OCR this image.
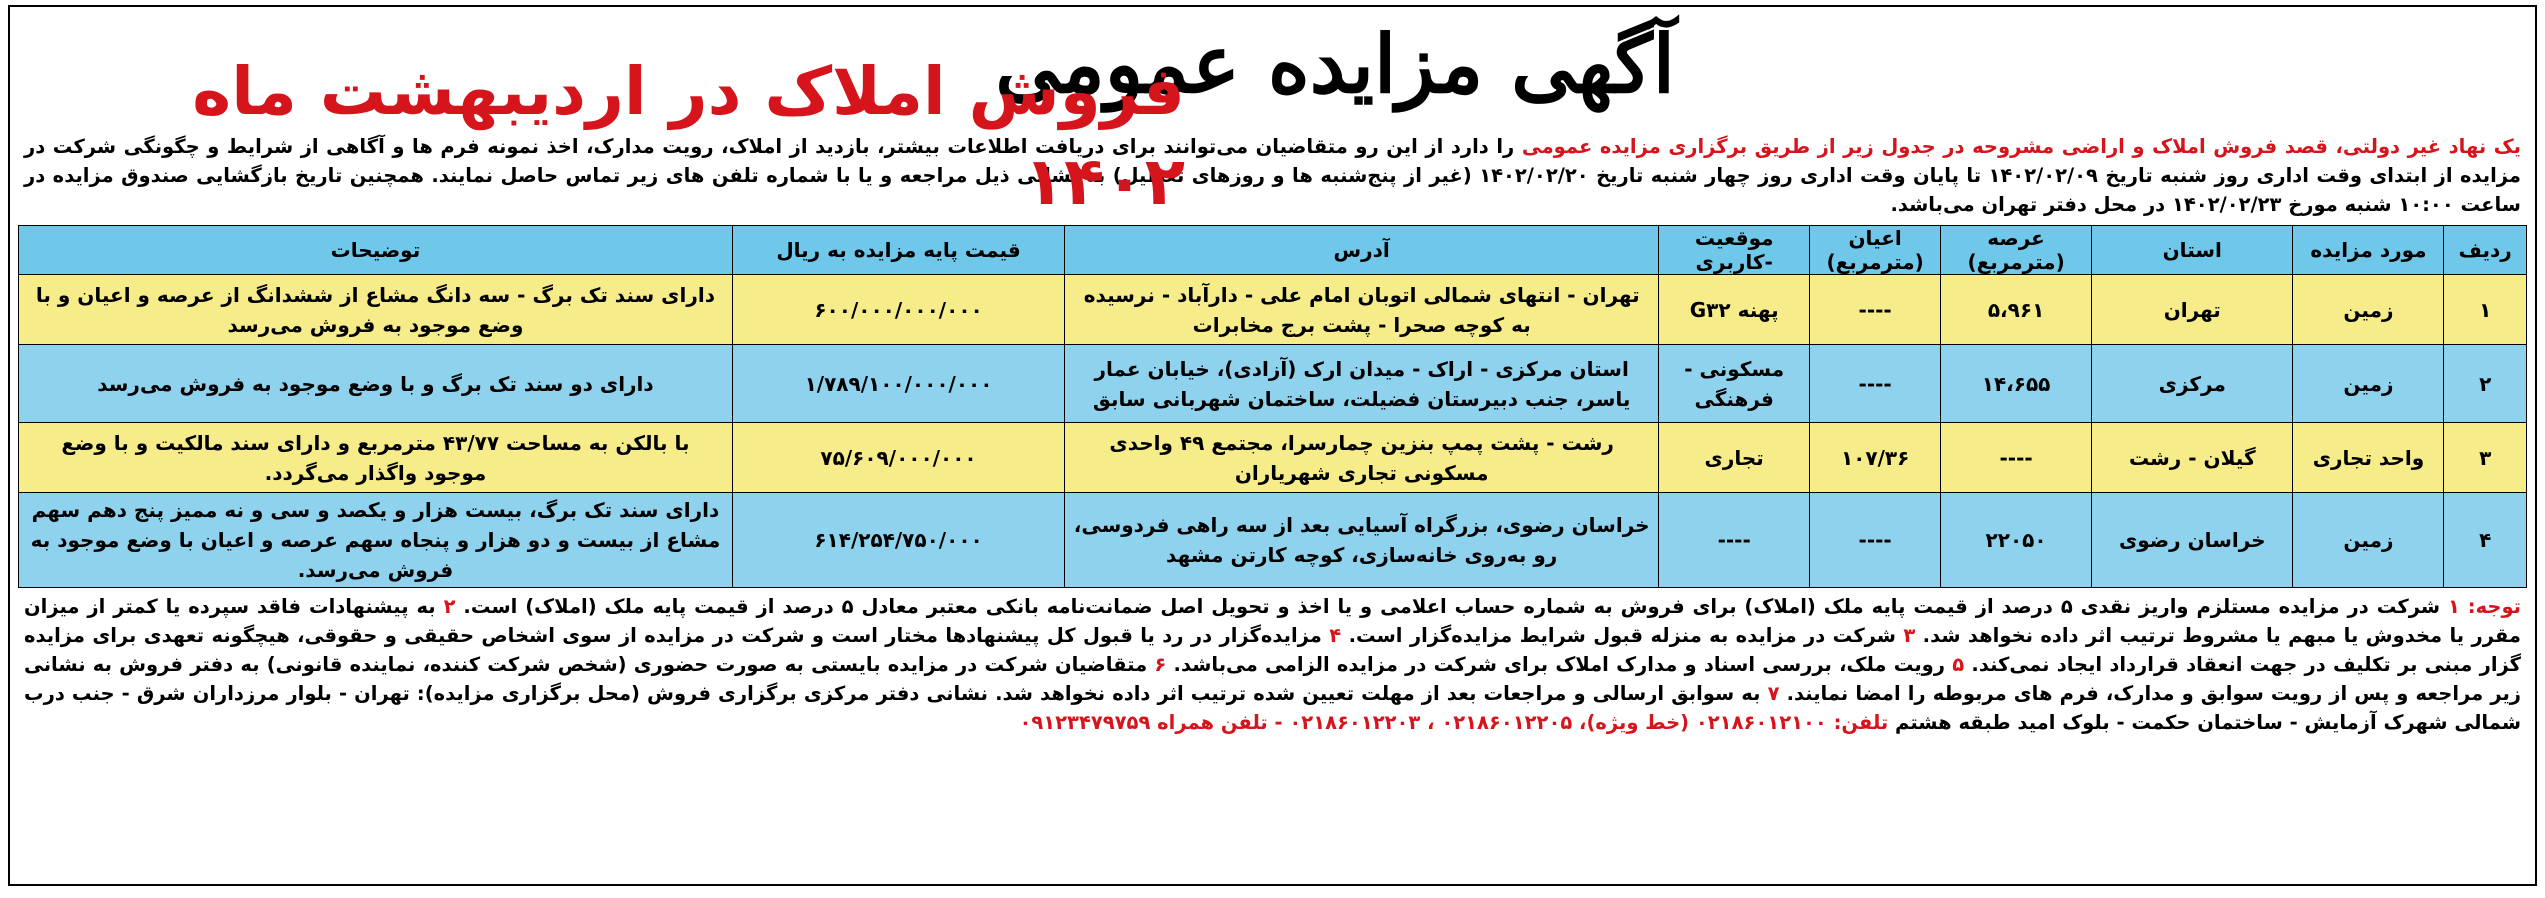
آگهی مزایده عمومی
فروش املاک در اردیبهشت ماه ۱۴۰۲	یک نهاد غیر دولتی، قصد فروش املاک و اراضی مشروحه در جدول زیر از طریق برگزاری مزایده عمومی را دارد از این رو متقاضیان می‌توانند برای دریافت اطلاعات بیشتر، بازدید از املاک، رویت مدارک، اخذ نمونه فرم ها و آگاهی از شرایط و چگونگی شرکت در مزایده از ابتدای وقت اداری روز شنبه تاریخ ۱۴۰۲/۰۲/۰۹ تا پایان وقت اداری روز چهار شنبه تاریخ ۱۴۰۲/۰۲/۲۰ (غیر از پنج‌شنبه ها و روزهای تعطیل) به نشانی ذیل مراجعه و یا با شماره تلفن های زیر تماس حاصل نمایند. همچنین تاریخ بازگشایی صندوق مزایده در ساعت ۱۰:۰۰ شنبه مورخ ۱۴۰۲/۰۲/۲۳ در محل دفتر تهران می‌باشد.
ردیف	مورد مزایده	استان	عرصه (مترمربع)	اعیان (مترمربع)	موقعیت -کاربری	آدرس	قیمت پایه مزایده به ریال	توضیحات
۱	زمین	تهران	۵،۹۶۱	----	پهنه G۳۲	تهران - انتهای شمالی اتوبان امام علی - دارآباد - نرسیده به کوچه صحرا - پشت برج مخابرات	۶۰۰/۰۰۰/۰۰۰/۰۰۰	دارای سند تک برگ - سه دانگ مشاع از ششدانگ از عرصه و اعیان و با وضع موجود به فروش می‌رسد
۲	زمین	مرکزی	۱۴،۶۵۵	----	مسکونی - فرهنگی	استان مرکزی - اراک - میدان ارک (آزادی)، خیابان عمار یاسر، جنب دبیرستان فضیلت، ساختمان شهربانی سابق	۱/۷۸۹/۱۰۰/۰۰۰/۰۰۰	دارای دو سند تک برگ و با وضع موجود به فروش می‌رسد
۳	واحد تجاری	گیلان - رشت	----	۱۰۷/۳۶	تجاری	رشت - پشت پمپ بنزین چمارسرا، مجتمع ۴۹ واحدی مسکونی تجاری شهریاران	۷۵/۶۰۹/۰۰۰/۰۰۰	با بالکن به مساحت ۴۳/۷۷ مترمربع و دارای سند مالکیت و با وضع موجود واگذار می‌گردد.
۴	زمین	خراسان رضوی	۲۲۰۵۰	----	----	خراسان رضوی، بزرگراه آسیایی بعد از سه راهی فردوسی، رو به‌روی خانه‌سازی، کوچه کارتن مشهد	۶۱۴/۲۵۴/۷۵۰/۰۰۰	دارای سند تک برگ، بیست هزار و یکصد و سی و نه ممیز پنج دهم سهم مشاع از بیست و دو هزار و پنجاه سهم عرصه و اعیان با وضع موجود به فروش می‌رسد.
توجه: ۱ شرکت در مزایده مستلزم واریز نقدی ۵ درصد از قیمت پایه ملک (املاک) برای فروش به شماره حساب اعلامی و یا اخذ و تحویل اصل ضمانت‌نامه بانکی معتبر معادل ۵ درصد از قیمت پایه ملک (املاک) است. ۲ به پیشنهادات فاقد سپرده یا کمتر از میزان مقرر یا مخدوش یا مبهم یا مشروط ترتیب اثر داده نخواهد شد. ۳ شرکت در مزایده به منزله قبول شرایط مزایده‌گزار است. ۴ مزایده‌گزار در رد یا قبول کل پیشنهادها مختار است و شرکت در مزایده از سوی اشخاص حقیقی و حقوقی، هیچگونه تعهدی برای مزایده گزار مبنی بر تکلیف در جهت انعقاد قرارداد ایجاد نمی‌کند. ۵ رویت ملک، بررسی اسناد و مدارک املاک برای شرکت در مزایده الزامی می‌باشد. ۶ متقاضیان شرکت در مزایده بایستی به صورت حضوری (شخص شرکت کننده، نماینده قانونی) به دفتر فروش به نشانی زیر مراجعه و پس از رویت سوابق و مدارک، فرم های مربوطه را امضا نمایند. ۷ به سوابق ارسالی و مراجعات بعد از مهلت تعیین شده ترتیب اثر داده نخواهد شد. نشانی دفتر مرکزی برگزاری فروش (محل برگزاری مزایده): تهران - بلوار مرزداران شرق - جنب درب شمالی شهرک آزمایش - ساختمان حکمت - بلوک امید طبقه هشتم تلفن: ۰۲۱۸۶۰۱۲۱۰۰ (خط ویژه)، ۰۲۱۸۶۰۱۲۲۰۵ ، ۰۲۱۸۶۰۱۲۲۰۳ - تلفن همراه ۰۹۱۲۳۴۷۹۷۵۹
